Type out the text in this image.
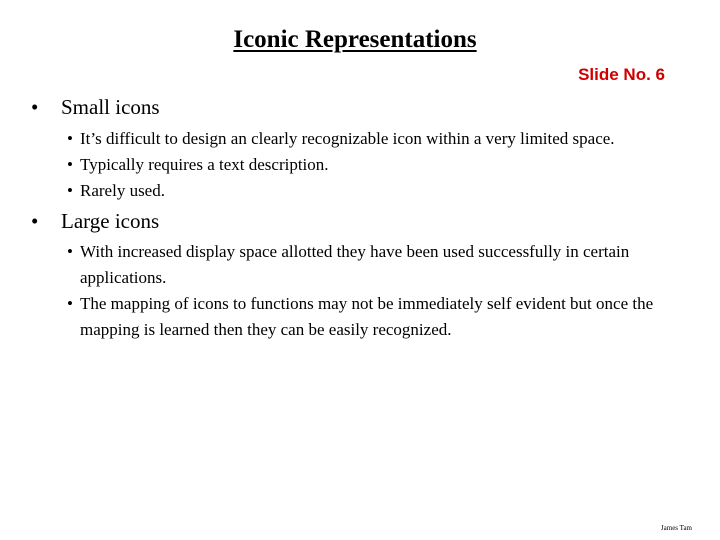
Iconic Representations
Slide No. 6
• Small icons
• It’s difficult to design an clearly recognizable icon within a very limited space.
• Typically requires a text description.
• Rarely used.
• Large icons
• With increased display space allotted they have been used successfully in certain applications.
• The mapping of icons to functions may not be immediately self evident but once the mapping is learned then they can be easily recognized.
James Tam
